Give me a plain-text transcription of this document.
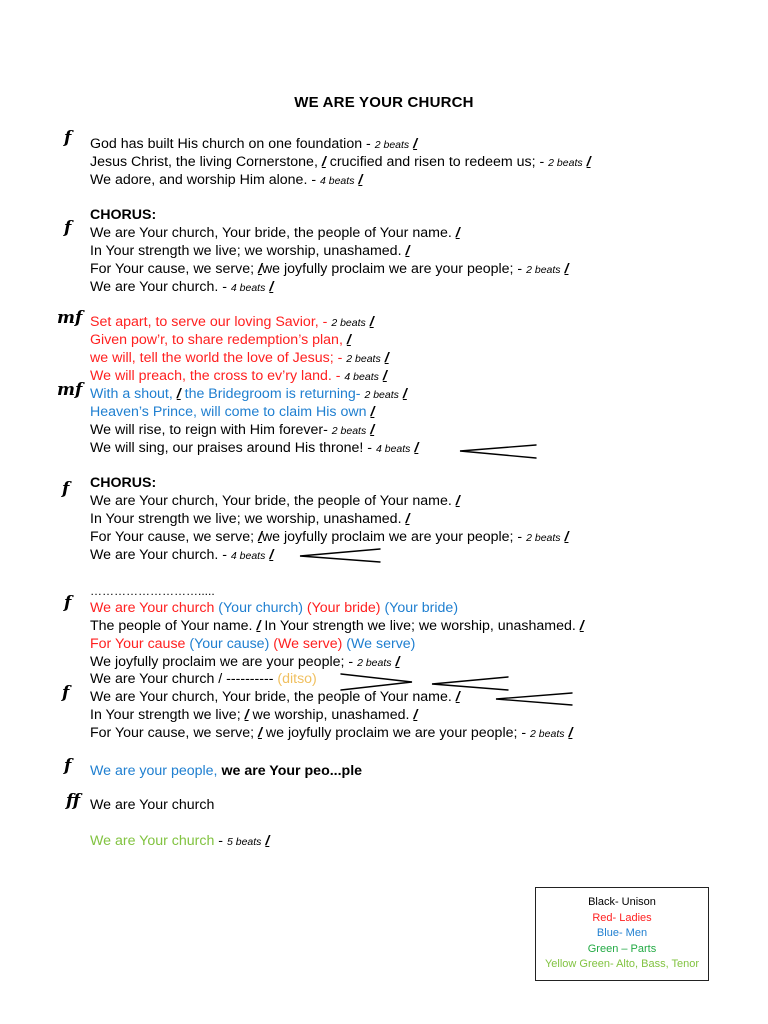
WE ARE YOUR CHURCH
f God has built His church on one foundation - 2 beats /
Jesus Christ, the living Cornerstone, / crucified and risen to redeem us; - 2 beats /
We adore, and worship Him alone. - 4 beats /
CHORUS:
f We are Your church, Your bride, the people of Your name. /
In Your strength we live; we worship, unashamed. /
For Your cause, we serve; /we joyfully proclaim we are your people; - 2 beats /
We are Your church. - 4 beats /
mf Set apart, to serve our loving Savior, - 2 beats /
Given pow’r, to share redemption’s plan, /
we will, tell the world the love of Jesus; - 2 beats /
We will preach, the cross to ev’ry land. - 4 beats /
mf With a shout, / the Bridegroom is returning- 2 beats /
Heaven’s Prince, will come to claim His own /
We will rise, to reign with Him forever- 2 beats /
We will sing, our praises around His throne! - 4 beats /
f CHORUS:
We are Your church, Your bride, the people of Your name. /
In Your strength we live; we worship, unashamed. /
For Your cause, we serve; /we joyfully proclaim we are your people; - 2 beats /
We are Your church. - 4 beats /
……………………….....
f We are Your church (Your church) (Your bride) (Your bride)
The people of Your name. / In Your strength we live; we worship, unashamed. /
For Your cause (Your cause) (We serve) (We serve)
We joyfully proclaim we are your people; - 2 beats /
We are Your church / ---------- (ditso)
f We are Your church, Your bride, the people of Your name. /
In Your strength we live; / we worship, unashamed. /
For Your cause, we serve; / we joyfully proclaim we are your people; - 2 beats /
f We are your people, we are Your peo...ple
ff We are Your church
We are Your church - 5 beats /
Black- Unison
Red- Ladies
Blue- Men
Green – Parts
Yellow Green- Alto, Bass, Tenor
